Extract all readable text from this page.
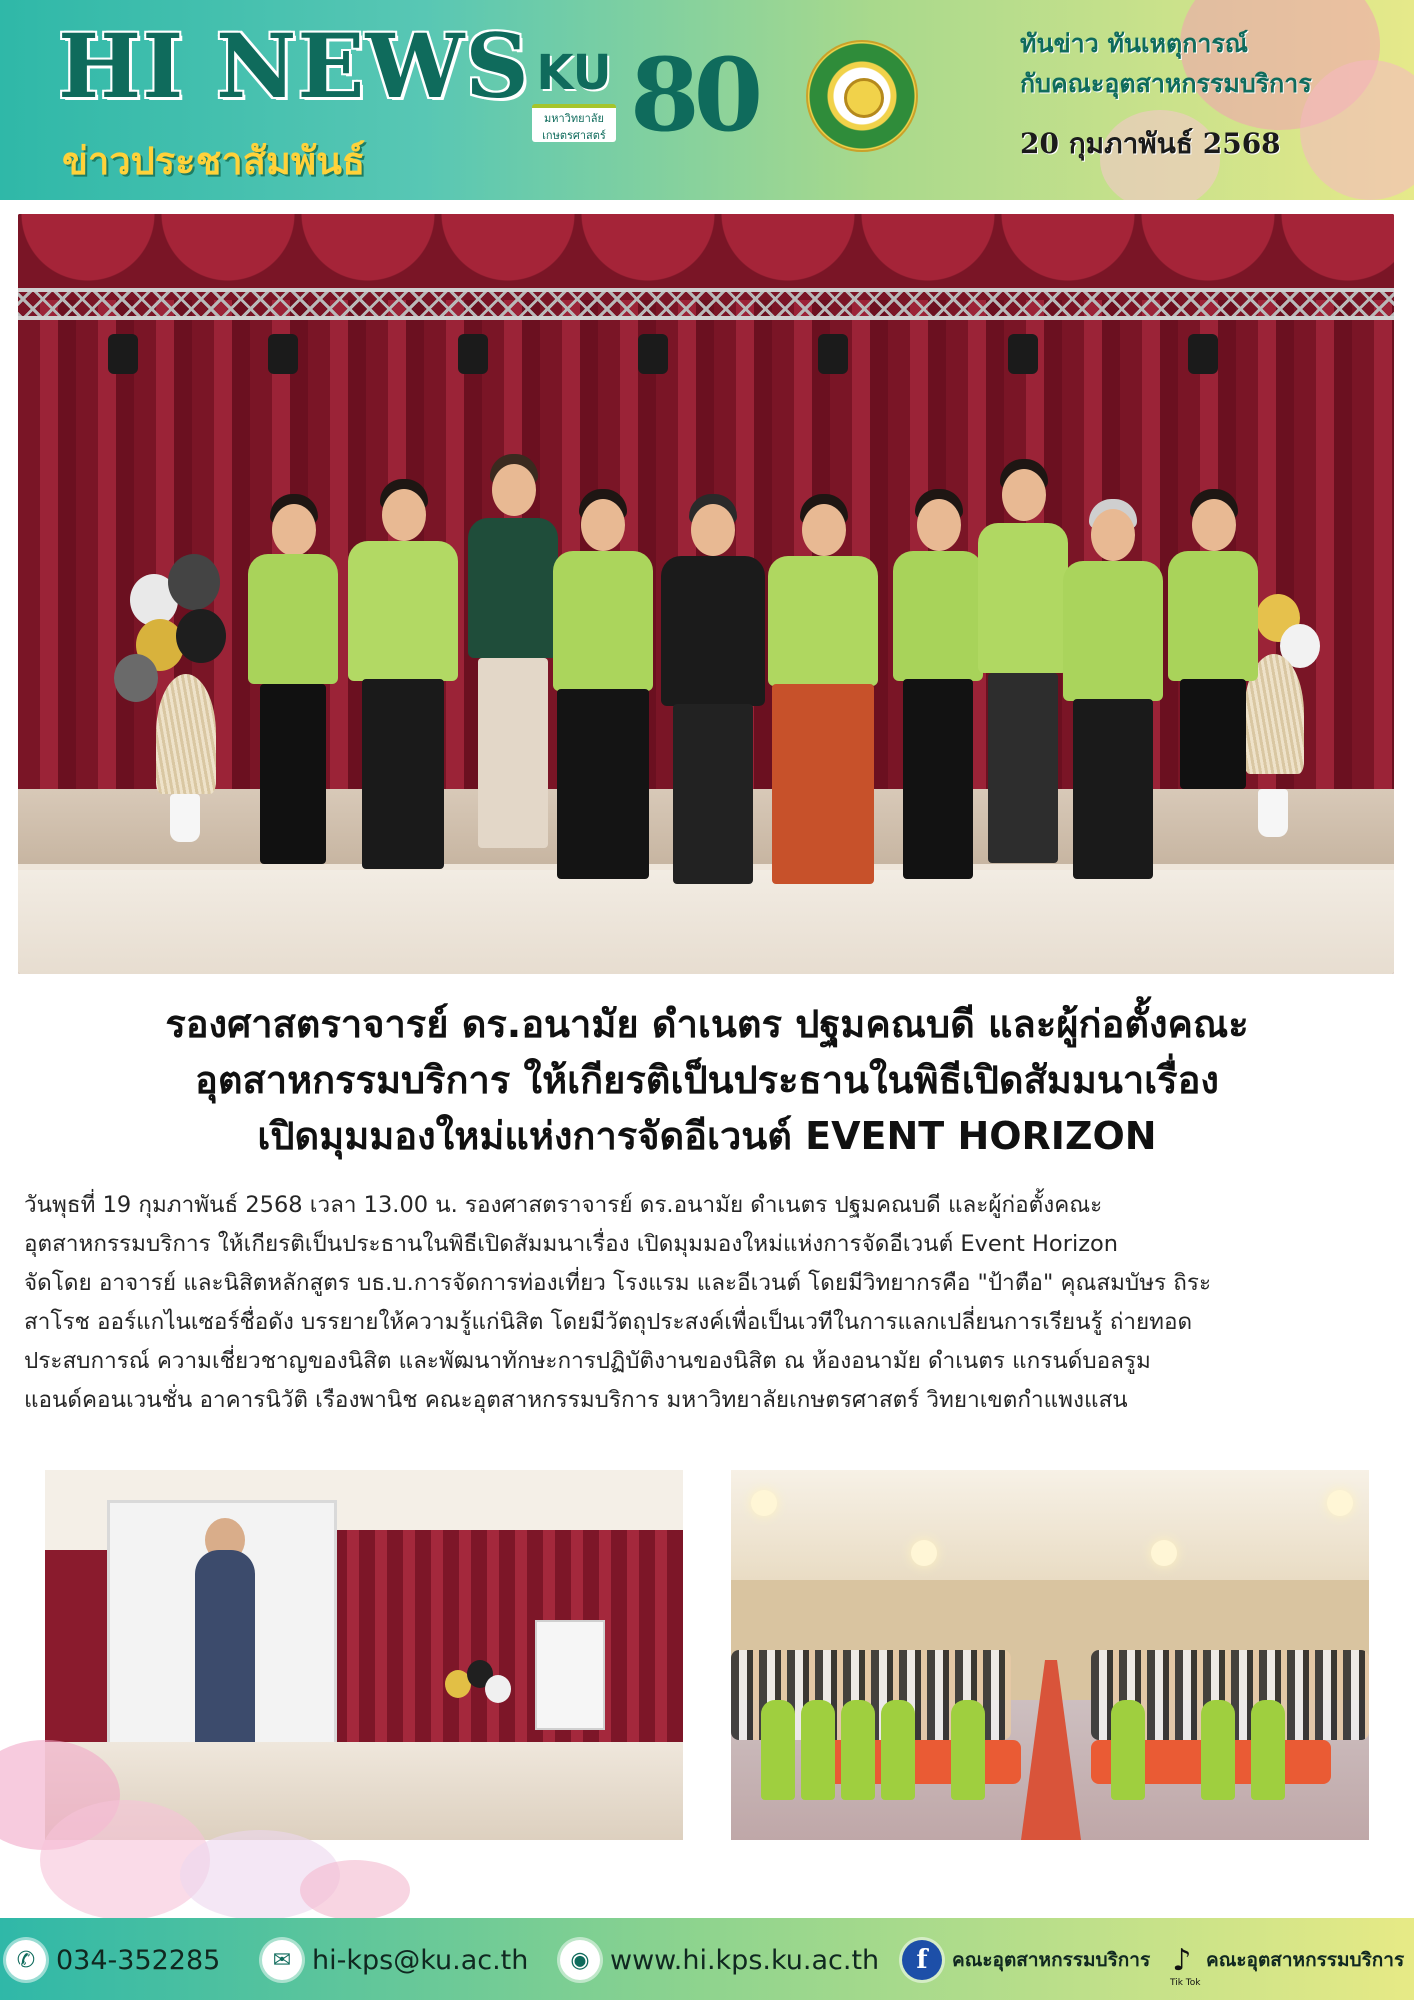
HI NEWS
ข่าวประชาสัมพันธ์
KU
มหาวิทยาลัยเกษตรศาสตร์ 80	ทันข่าว ทันเหตุการณ์
กับคณะอุตสาหกรรมบริการ
20 กุมภาพันธ์ 2568
รองศาสตราจารย์ ดร.อนามัย ดำเนตร ปฐมคณบดี และผู้ก่อตั้งคณะ
อุตสาหกรรมบริการ ให้เกียรติเป็นประธานในพิธีเปิดสัมมนาเรื่อง
เปิดมุมมองใหม่แห่งการจัดอีเวนต์ EVENT HORIZON
วันพุธที่ 19 กุมภาพันธ์ 2568 เวลา 13.00 น. รองศาสตราจารย์ ดร.อนามัย ดำเนตร ปฐมคณบดี และผู้ก่อตั้งคณะ
อุตสาหกรรมบริการ ให้เกียรติเป็นประธานในพิธีเปิดสัมมนาเรื่อง เปิดมุมมองใหม่แห่งการจัดอีเวนต์ Event Horizon
จัดโดย อาจารย์ และนิสิตหลักสูตร บธ.บ.การจัดการท่องเที่ยว โรงแรม และอีเวนต์ โดยมีวิทยากรคือ "ป้าตือ" คุณสมบัษร ถิระ
สาโรช ออร์แกไนเซอร์ชื่อดัง บรรยายให้ความรู้แก่นิสิต โดยมีวัตถุประสงค์เพื่อเป็นเวทีในการแลกเปลี่ยนการเรียนรู้ ถ่ายทอด
ประสบการณ์ ความเชี่ยวชาญของนิสิต และพัฒนาทักษะการปฏิบัติงานของนิสิต ณ ห้องอนามัย ดำเนตร แกรนด์บอลรูม
แอนด์คอนเวนชั่น อาคารนิวัติ เรืองพานิช คณะอุตสาหกรรมบริการ มหาวิทยาลัยเกษตรศาสตร์ วิทยาเขตกำแพงแสน
✆ 034-352285	✉ hi-kps@ku.ac.th	◉ www.hi.kps.ku.ac.th	f	คณะอุตสาหกรรมบริการ ♪ คณะอุตสาหกรรมบริการ
Tik Tok
